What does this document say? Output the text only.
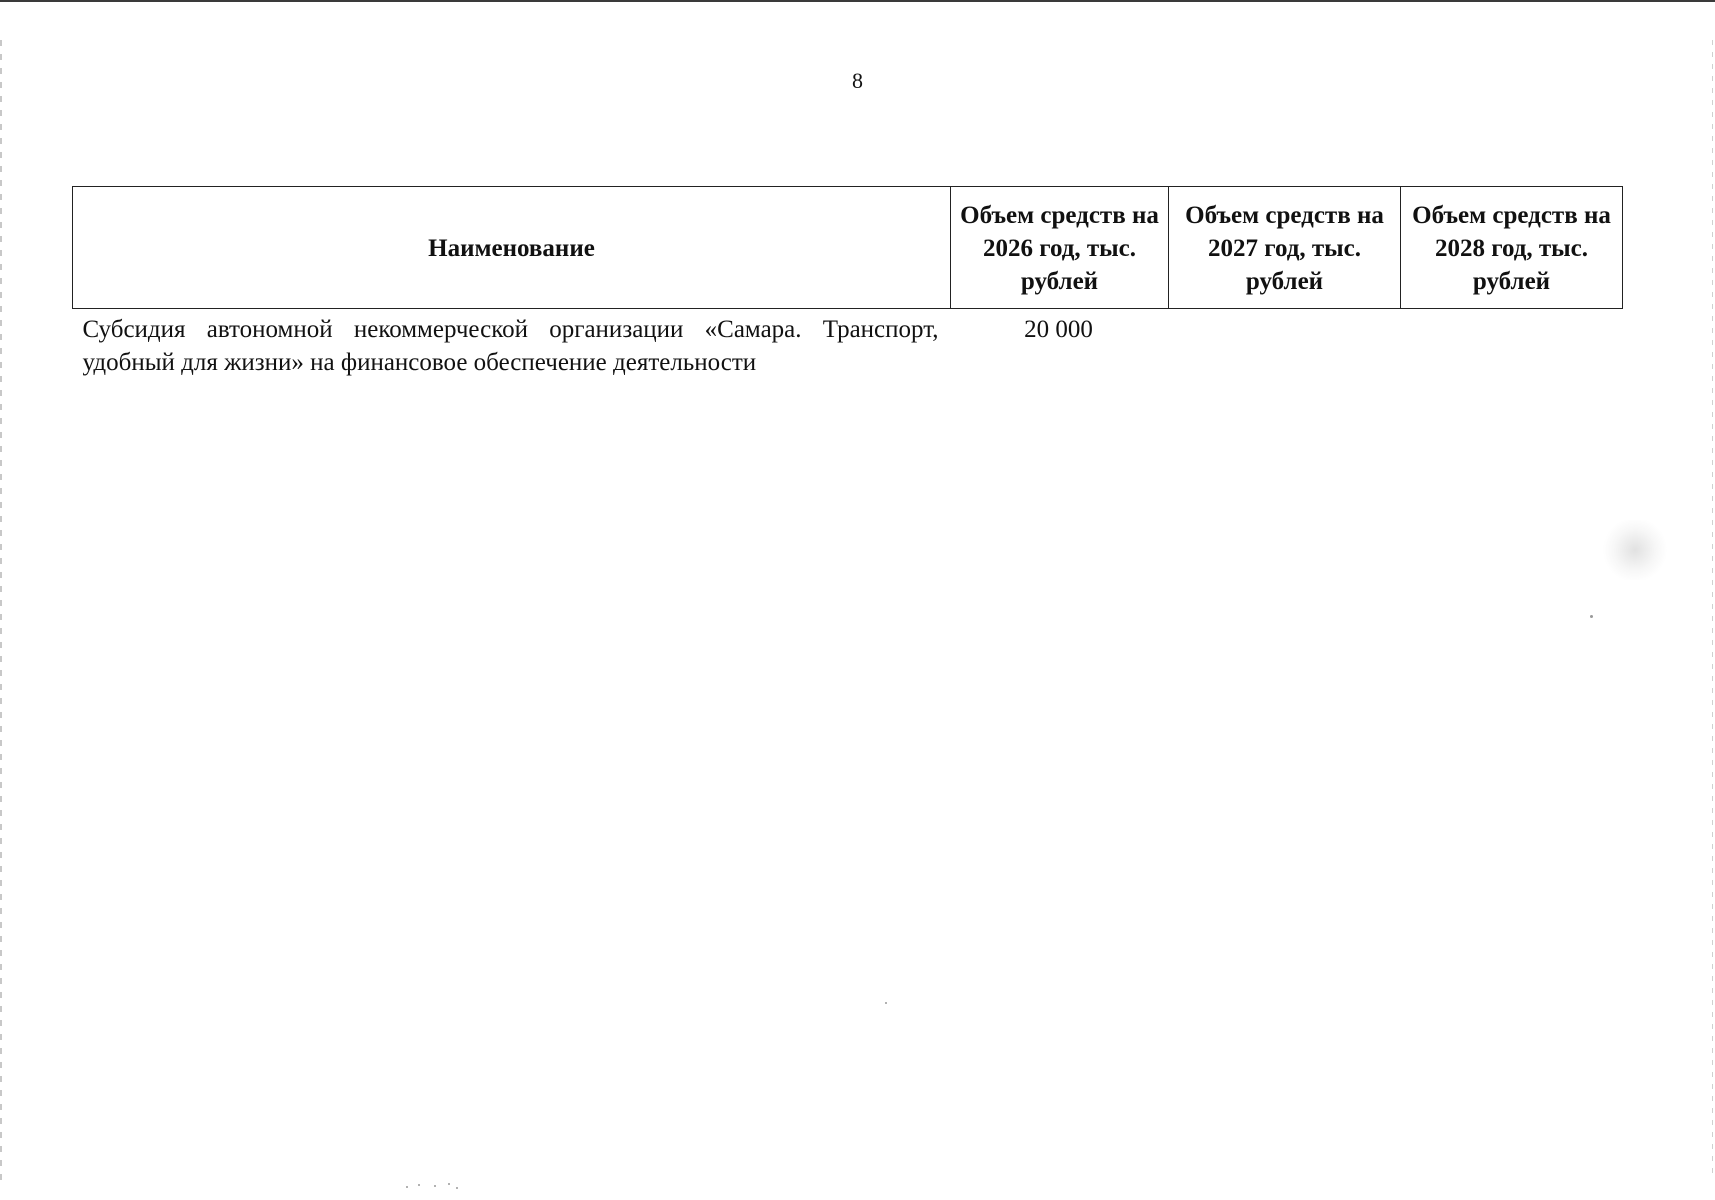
8
Наименование	Объем средств на 2026 год, тыс. рублей	Объем средств на 2027 год, тыс. рублей	Объем средств на 2028 год, тыс. рублей
Субсидия автономной некоммерческой организации «Самара. Транспорт, удобный для жизни» на финансовое обеспечение деятельности	20 000		
